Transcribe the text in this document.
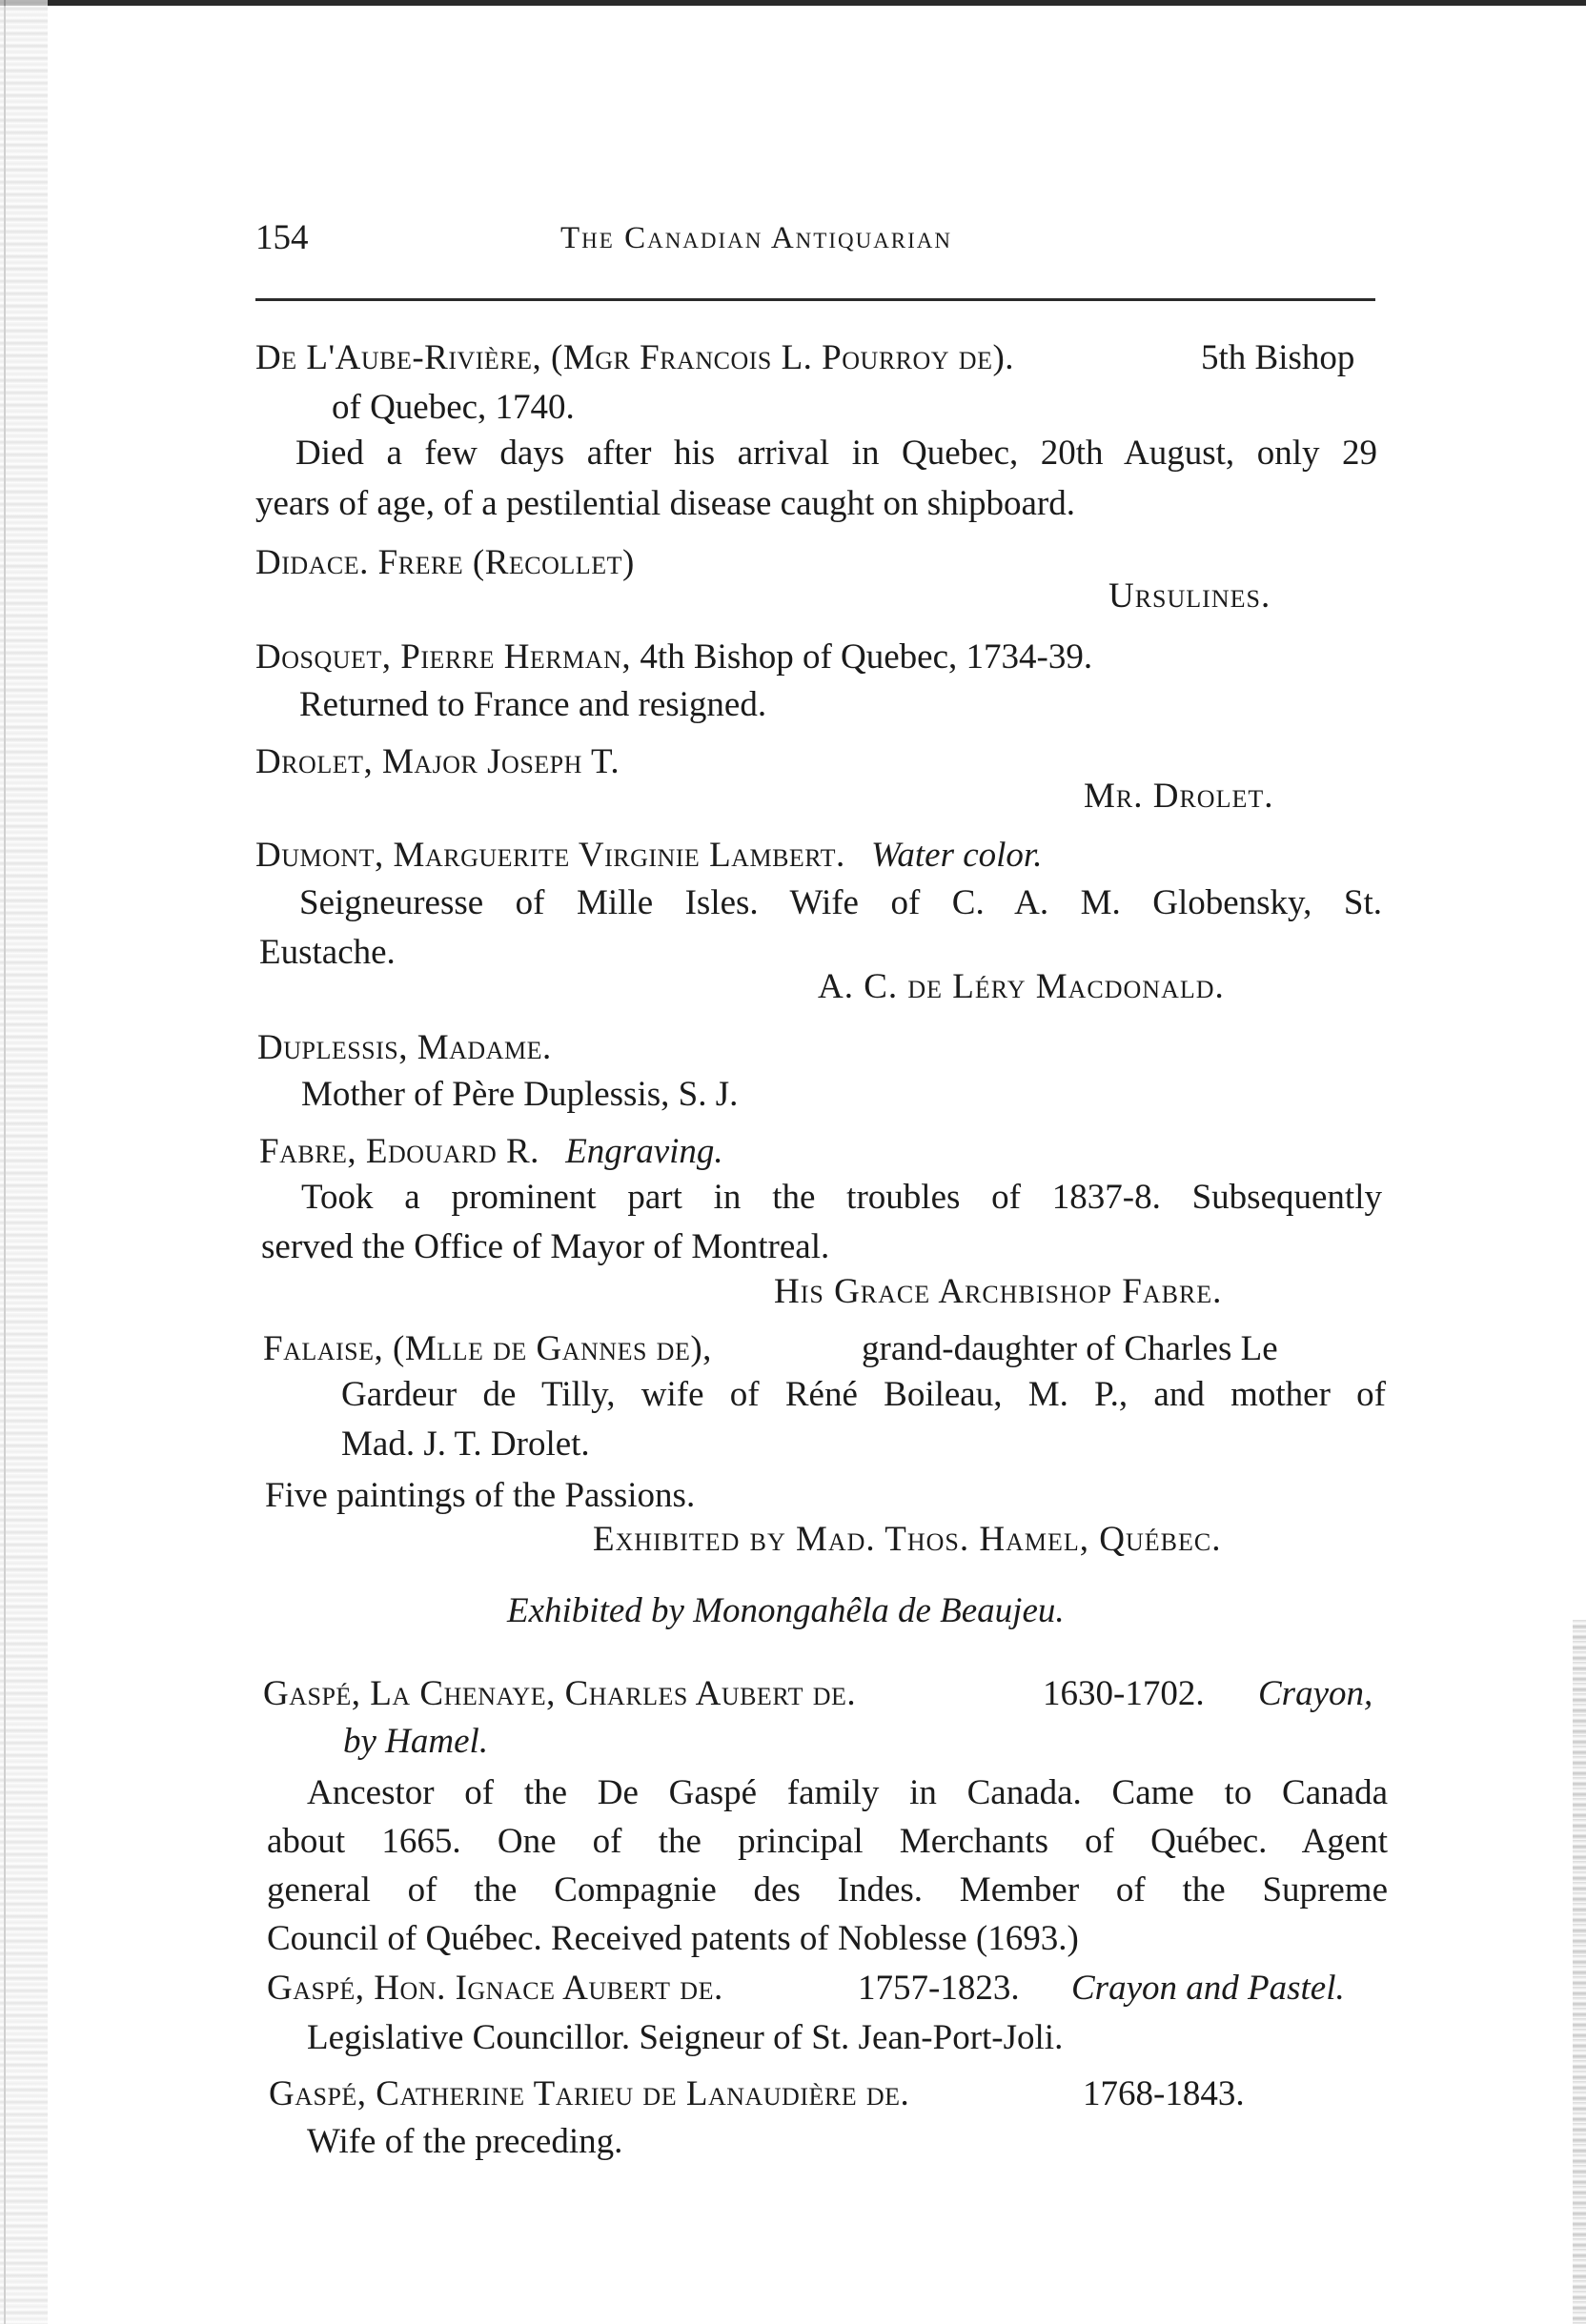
154	The Canadian Antiquarian
De L'Aube-Rivière, (Mgr Francois L. Pourroy de).	5th Bishop
of Quebec, 1740.
Died a few days after his arrival in Quebec, 20th August, only 29
years of age, of a pestilential disease caught on shipboard.
Didace. Frere (Recollet)
Ursulines.
Dosquet, Pierre Herman, 4th Bishop of Quebec, 1734-39.
Returned to France and resigned.
Drolet, Major Joseph T.
Mr. Drolet.
Dumont, Marguerite Virginie Lambert. Water color.
Seigneuresse of Mille Isles. Wife of C. A. M. Globensky, St.
Eustache.
A. C. de Léry Macdonald.
Duplessis, Madame.
Mother of Père Duplessis, S. J.
Fabre, Edouard R. Engraving.
Took a prominent part in the troubles of 1837-8. Subsequently
served the Office of Mayor of Montreal.
His Grace Archbishop Fabre.
Falaise, (Mlle de Gannes de),	grand-daughter of Charles Le
Gardeur de Tilly, wife of Réné Boileau, M. P., and mother of
Mad. J. T. Drolet.
Five paintings of the Passions.
Exhibited by Mad. Thos. Hamel, Québec.
Exhibited by Monongahêla de Beaujeu.
Gaspé, La Chenaye, Charles Aubert de.	1630-1702. Crayon,
by Hamel.
Ancestor of the De Gaspé family in Canada. Came to Canada
about 1665. One of the principal Merchants of Québec. Agent
general of the Compagnie des Indes. Member of the Supreme
Council of Québec. Received patents of Noblesse (1693.)
Gaspé, Hon. Ignace Aubert de.	1757-1823. Crayon and Pastel.
Legislative Councillor. Seigneur of St. Jean-Port-Joli.
Gaspé, Catherine Tarieu de Lanaudière de.	1768-1843.
Wife of the preceding.
